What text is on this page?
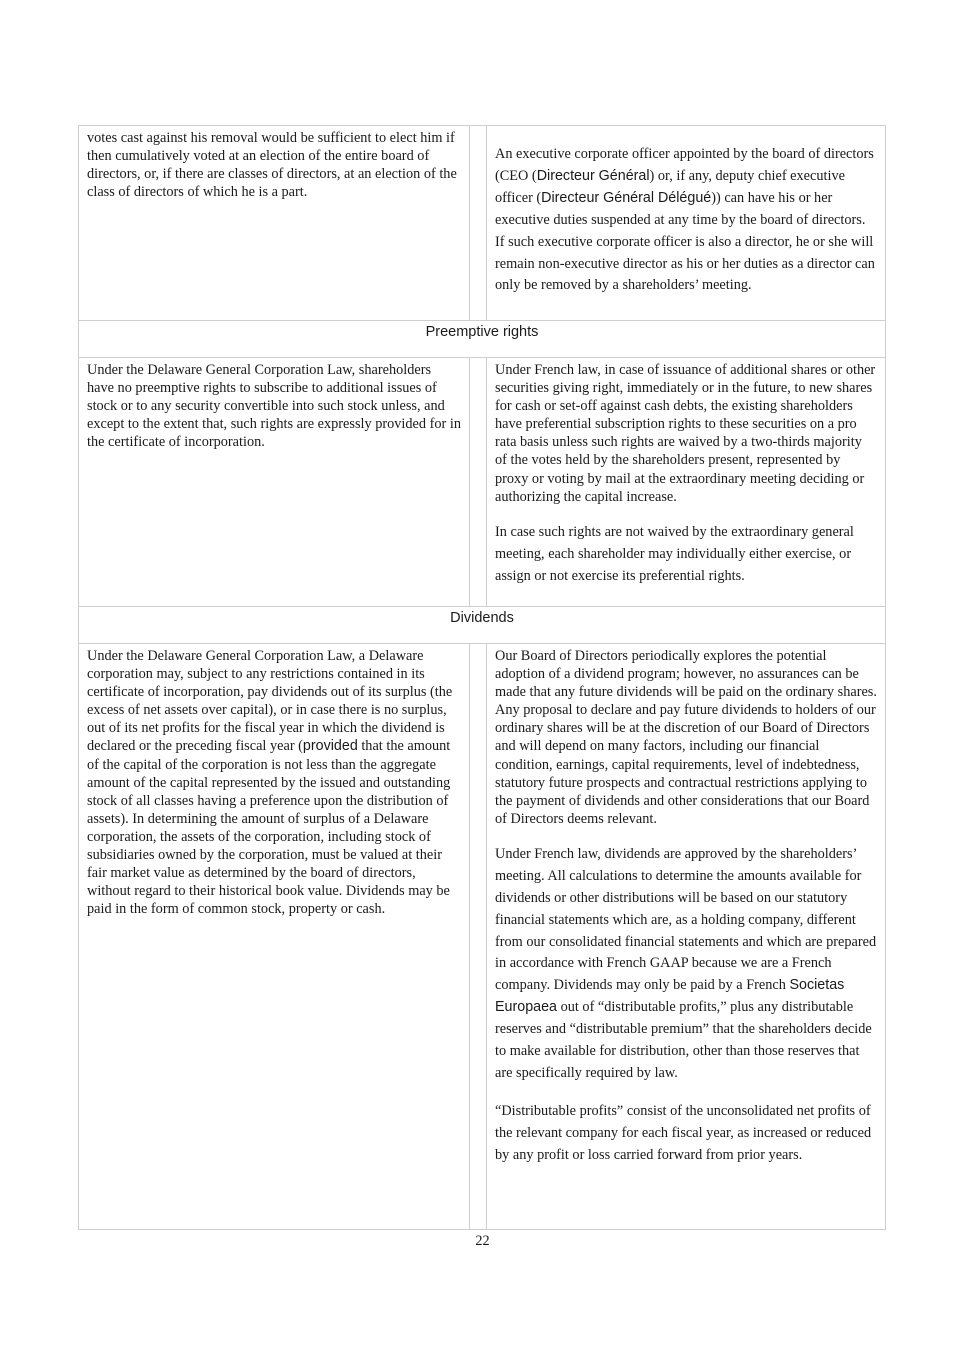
votes cast against his removal would be sufficient to elect him if then cumulatively voted at an election of the entire board of directors, or, if there are classes of directors, at an election of the class of directors of which he is a part.

An executive corporate officer appointed by the board of directors (CEO (Directeur Général) or, if any, deputy chief executive officer (Directeur Général Délégué)) can have his or her executive duties suspended at any time by the board of directors. If such executive corporate officer is also a director, he or she will remain non-executive director as his or her duties as a director can only be removed by a shareholders’ meeting.

Preemptive rights

Under the Delaware General Corporation Law, shareholders have no preemptive rights to subscribe to additional issues of stock or to any security convertible into such stock unless, and except to the extent that, such rights are expressly provided for in the certificate of incorporation.

Under French law, in case of issuance of additional shares or other securities giving right, immediately or in the future, to new shares for cash or set-off against cash debts, the existing shareholders have preferential subscription rights to these securities on a pro rata basis unless such rights are waived by a two-thirds majority of the votes held by the shareholders present, represented by proxy or voting by mail at the extraordinary meeting deciding or authorizing the capital increase.

In case such rights are not waived by the extraordinary general meeting, each shareholder may individually either exercise, or assign or not exercise its preferential rights.

Dividends

Under the Delaware General Corporation Law, a Delaware corporation may, subject to any restrictions contained in its certificate of incorporation, pay dividends out of its surplus (the excess of net assets over capital), or in case there is no surplus, out of its net profits for the fiscal year in which the dividend is declared or the preceding fiscal year (provided that the amount of the capital of the corporation is not less than the aggregate amount of the capital represented by the issued and outstanding stock of all classes having a preference upon the distribution of assets). In determining the amount of surplus of a Delaware corporation, the assets of the corporation, including stock of subsidiaries owned by the corporation, must be valued at their fair market value as determined by the board of directors, without regard to their historical book value. Dividends may be paid in the form of common stock, property or cash.

Our Board of Directors periodically explores the potential adoption of a dividend program; however, no assurances can be made that any future dividends will be paid on the ordinary shares. Any proposal to declare and pay future dividends to holders of our ordinary shares will be at the discretion of our Board of Directors and will depend on many factors, including our financial condition, earnings, capital requirements, level of indebtedness, statutory future prospects and contractual restrictions applying to the payment of dividends and other considerations that our Board of Directors deems relevant.

Under French law, dividends are approved by the shareholders’ meeting. All calculations to determine the amounts available for dividends or other distributions will be based on our statutory financial statements which are, as a holding company, different from our consolidated financial statements and which are prepared in accordance with French GAAP because we are a French company. Dividends may only be paid by a French Societas Europaea out of “distributable profits,” plus any distributable reserves and “distributable premium” that the shareholders decide to make available for distribution, other than those reserves that are specifically required by law.

“Distributable profits” consist of the unconsolidated net profits of the relevant company for each fiscal year, as increased or reduced by any profit or loss carried forward from prior years.

22
